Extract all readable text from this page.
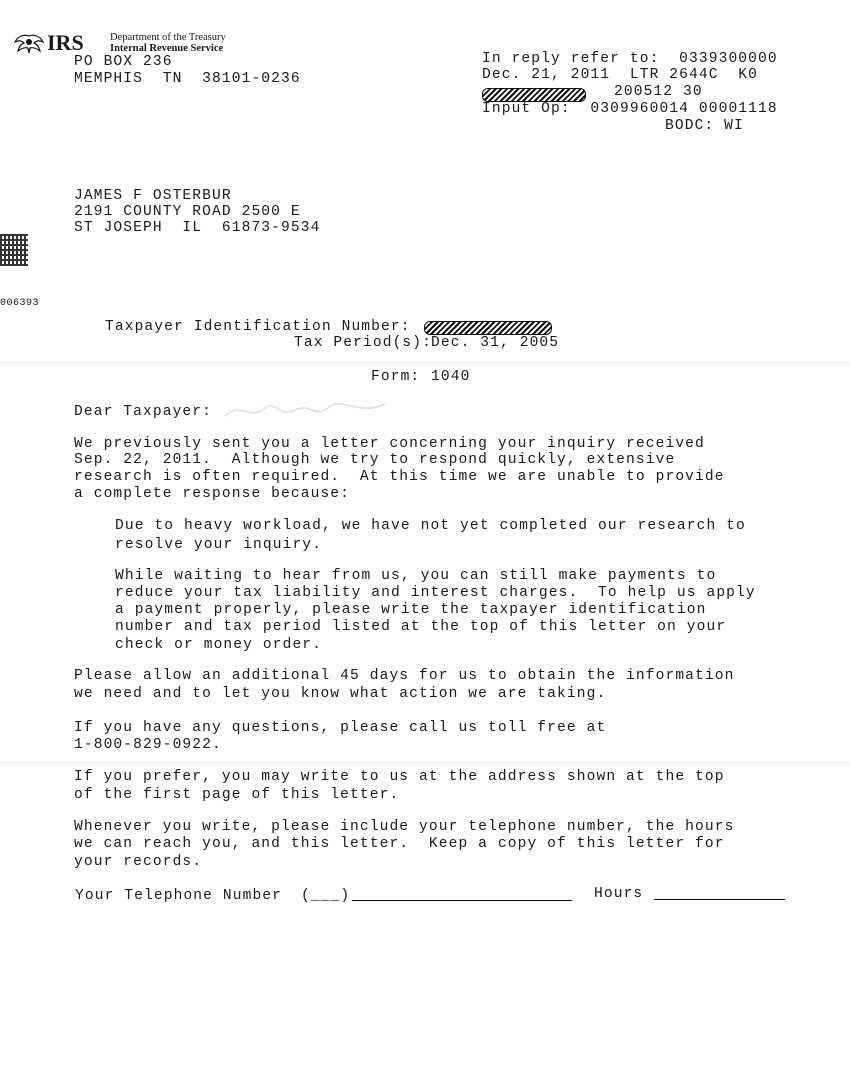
IRS	Department of the Treasury
Internal Revenue Service
PO BOX 236
MEMPHIS  TN  38101-0236
In reply refer to:  0339300000
Dec. 21, 2011  LTR 2644C  K0
200512 30
Input Op:  0309960014 00001118
BODC: WI
JAMES F OSTERBUR
2191 COUNTY ROAD 2500 E
ST JOSEPH  IL  61873-9534
006393
Taxpayer Identification Number:
Tax Period(s):
Dec. 31, 2005
Form: 1040
Dear Taxpayer:
We previously sent you a letter concerning your inquiry received
Sep. 22, 2011.  Although we try to respond quickly, extensive
research is often required.  At this time we are unable to provide
a complete response because:
Due to heavy workload, we have not yet completed our research to
resolve your inquiry.
While waiting to hear from us, you can still make payments to
reduce your tax liability and interest charges.  To help us apply
a payment properly, please write the taxpayer identification
number and tax period listed at the top of this letter on your
check or money order.
Please allow an additional 45 days for us to obtain the information
we need and to let you know what action we are taking.
If you have any questions, please call us toll free at
1-800-829-0922.
If you prefer, you may write to us at the address shown at the top
of the first page of this letter.
Whenever you write, please include your telephone number, the hours
we can reach you, and this letter.  Keep a copy of this letter for
your records.
Your Telephone Number (___)	Hours
